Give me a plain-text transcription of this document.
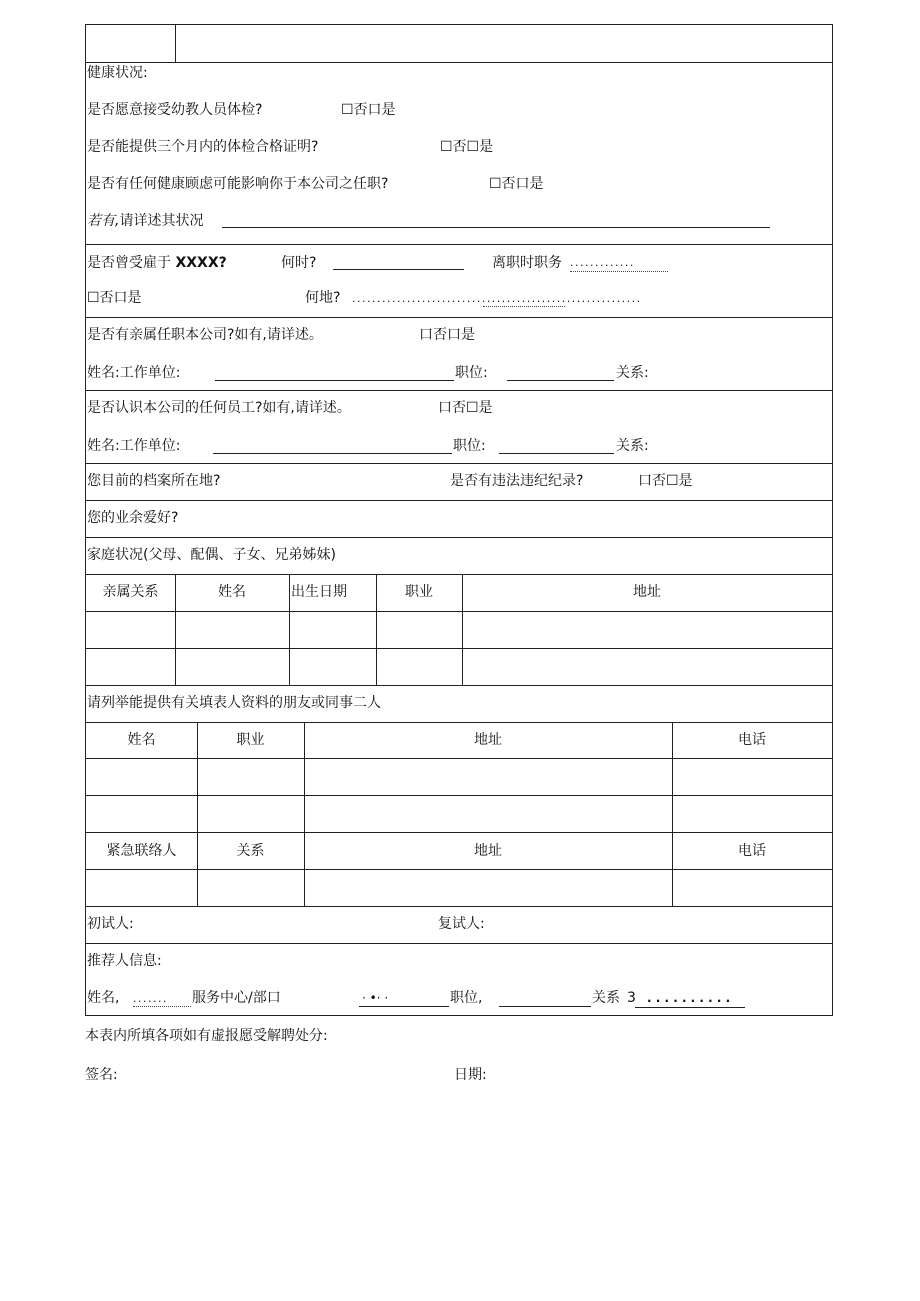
健康状况:
是否愿意接受幼教人员体检?	☐否口是
是否能提供三个月内的体检合格证明?	☐否☐是
是否有任何健康顾虑可能影响你于本公司之任职?	☐否口是
若有,请详述其状况
是否曾受雇于 XXXX?	何时?	离职时职务 . . . . . . . . . . . . .
☐否口是	何地? . . . . . . . . . . . . . . . . . . . . . . . . . . . . . . . . . . . . . . . . . . . . . . . . . . . . . . . . . .
是否有亲属任职本公司?如有,请详述。	口否口是
姓名:工作单位:	职位:	关系:
是否认识本公司的任何员工?如有,请详述。	口否☐是
姓名:工作单位:	职位:	关系:
您目前的档案所在地?	是否有违法违纪纪录?	口否☐是
您的业余爱好?
家庭状况(父母、配偶、子女、兄弟姊妹)
亲属关系	姓名	出生日期	职业	地址
请列举能提供有关填表人资料的朋友或同事二人
姓名	职业	地址	电话
紧急联络人	关系	地址	电话
初试人:	复试人:
推荐人信息:
姓名, . . . . . . . 服务中心/部口	· •· ·	职位,	关系 3 . . . . . . . . . .
本表内所填各项如有虚报愿受解聘处分:
签名:	日期:
